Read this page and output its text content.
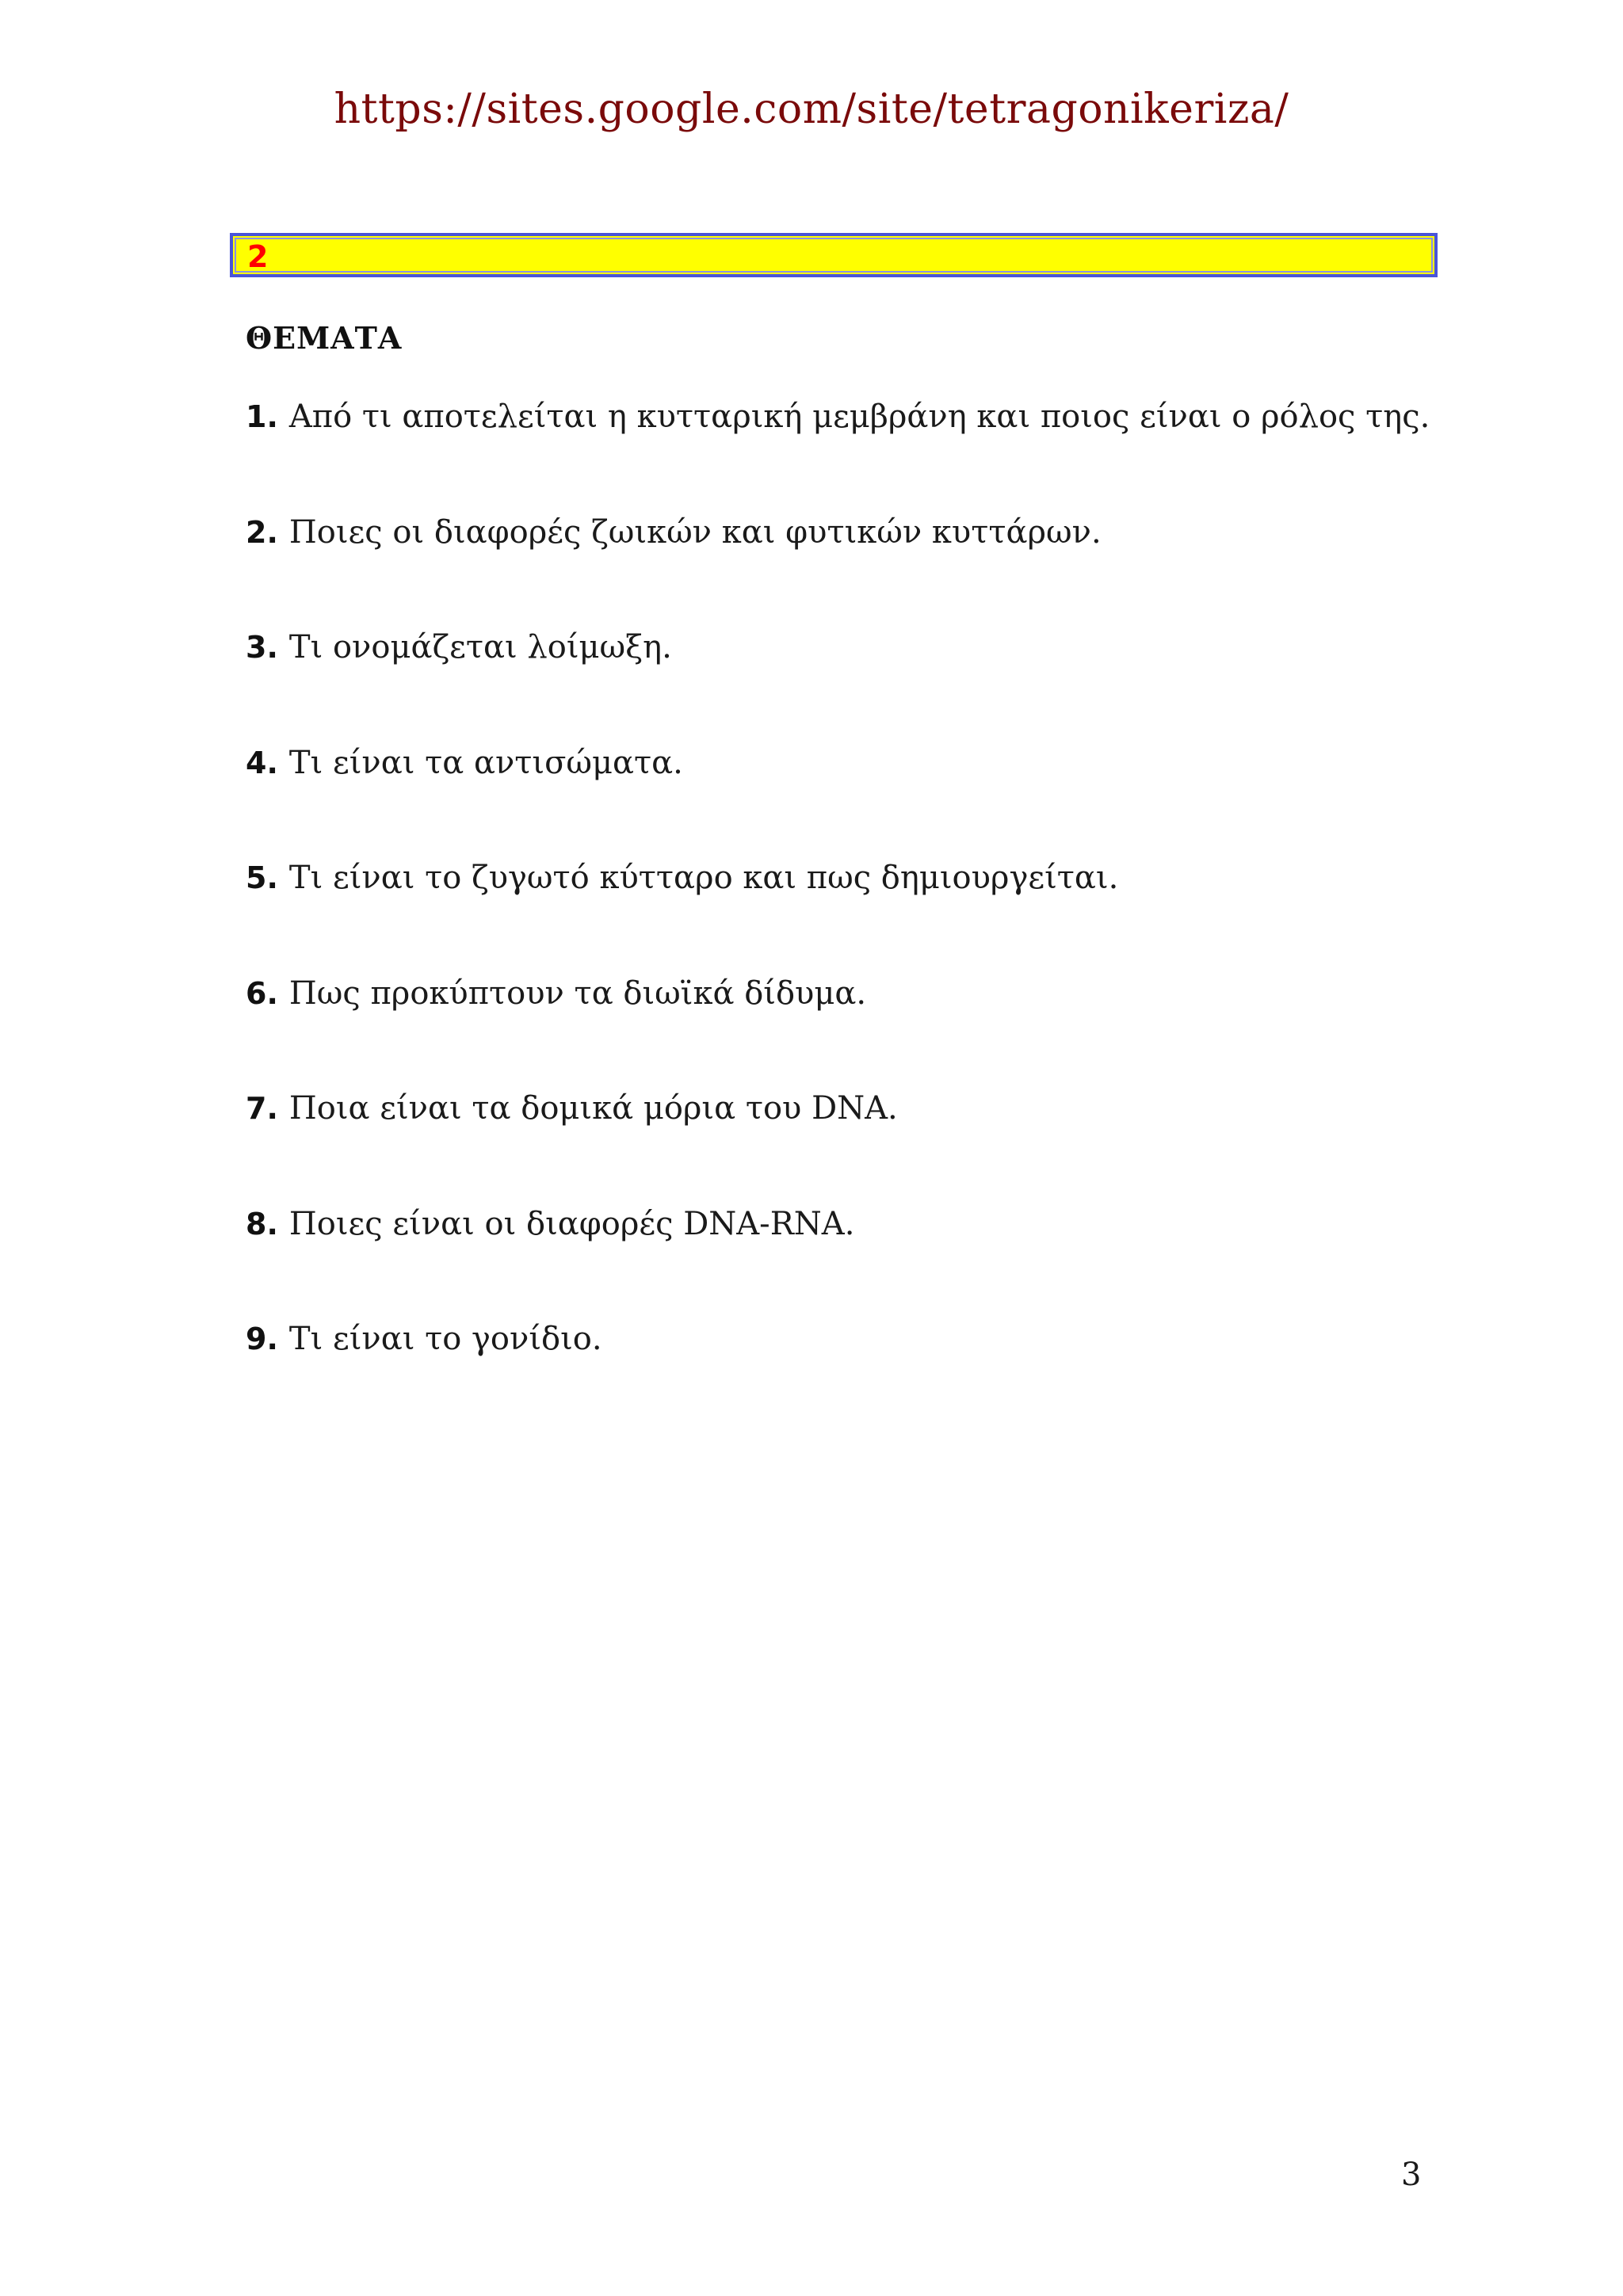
https://sites.google.com/site/tetragonikeriza/
2
ΘΕΜΑΤΑ
1. Από τι αποτελείται η κυτταρική μεμβράνη και ποιος είναι ο ρόλος της.
2. Ποιες οι διαφορές ζωικών και φυτικών κυττάρων.
3. Τι ονομάζεται λοίμωξη.
4. Τι είναι τα αντισώματα.
5. Τι είναι το ζυγωτό κύτταρο και πως δημιουργείται.
6. Πως προκύπτουν τα διωϊκά δίδυμα.
7. Ποια είναι τα δομικά μόρια του DNA.
8. Ποιες είναι οι διαφορές DNA-RNA.
9. Τι είναι το γονίδιο.
3
